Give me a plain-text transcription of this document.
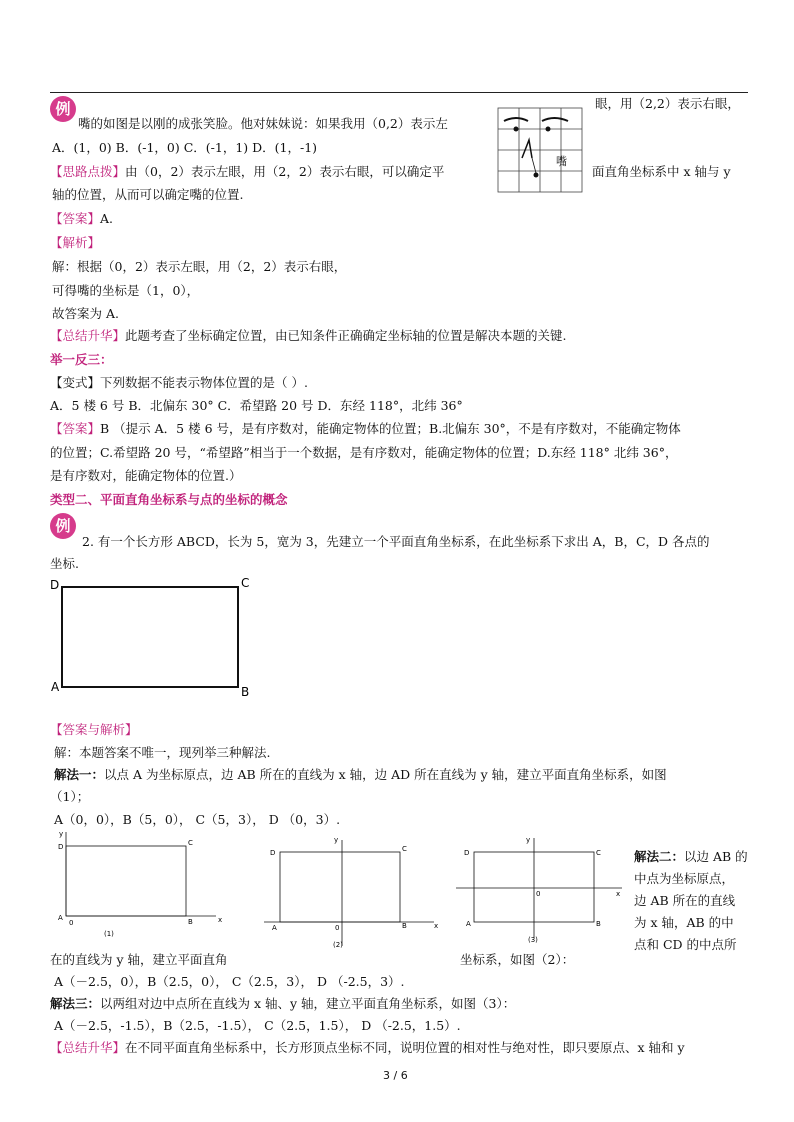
例	眼，用（2,2）表示右眼，
嘴的如图是以刚的成张笑脸。他对妹妹说：如果我用（0,2）表示左
A．(1，0) B．(-1，0) C．(-1，1) D．(1，-1)
【思路点拨】由（0，2）表示左眼，用（2，2）表示右眼，可以确定平	面直角坐标系中 x 轴与 y
轴的位置，从而可以确定嘴的位置.
【答案】A.
【解析】
解：根据（0，2）表示左眼，用（2，2）表示右眼，
可得嘴的坐标是（1，0），
故答案为 A.
【总结升华】此题考查了坐标确定位置，由已知条件正确确定坐标轴的位置是解决本题的关键.
嘴
举一反三：
【变式】下列数据不能表示物体位置的是（ ）.
A．5 楼 6 号 B．北偏东 30° C．希望路 20 号 D．东经 118°，北纬 36°
【答案】B （提示 A．5 楼 6 号，是有序数对，能确定物体的位置；B.北偏东 30°，不是有序数对，不能确定物体
的位置；C.希望路 20 号，“希望路”相当于一个数据，是有序数对，能确定物体的位置；D.东经 118° 北纬 36°，
是有序数对，能确定物体的位置.）
类型二、平面直角坐标系与点的坐标的概念
例
2. 有一个长方形 ABCD，长为 5，宽为 3，先建立一个平面直角坐标系，在此坐标系下求出 A，B，C，D 各点的
坐标.
D	C
A	B
【答案与解析】
解：本题答案不唯一，现列举三种解法.
解法一：以点 A 为坐标原点，边 AB 所在的直线为 x 轴，边 AD 所在直线为 y 轴，建立平面直角坐标系，如图
（1）；
A（0，0），B（5，0）， C（5，3）， D （0，3）.
y
x
D	C
A	B
0
(1)
y
x
D	C
A	B
0
(2)
y
x
D	C
A	B
0
(3)
解法二：以边 AB 的
中点为坐标原点，
边 AB 所在的直线
为 x 轴，AB 的中
点和 CD 的中点所
在的直线为 y 轴，建立平面直角	坐标系，如图（2）：
A（－2.5，0），B（2.5，0）， C（2.5，3）， D （-2.5，3）.
解法三：以两组对边中点所在直线为 x 轴、y 轴，建立平面直角坐标系，如图（3）：
A（－2.5，-1.5），B（2.5，-1.5）， C（2.5，1.5）， D （-2.5，1.5）.
【总结升华】在不同平面直角坐标系中，长方形顶点坐标不同，说明位置的相对性与绝对性，即只要原点、x 轴和 y
3 / 6
